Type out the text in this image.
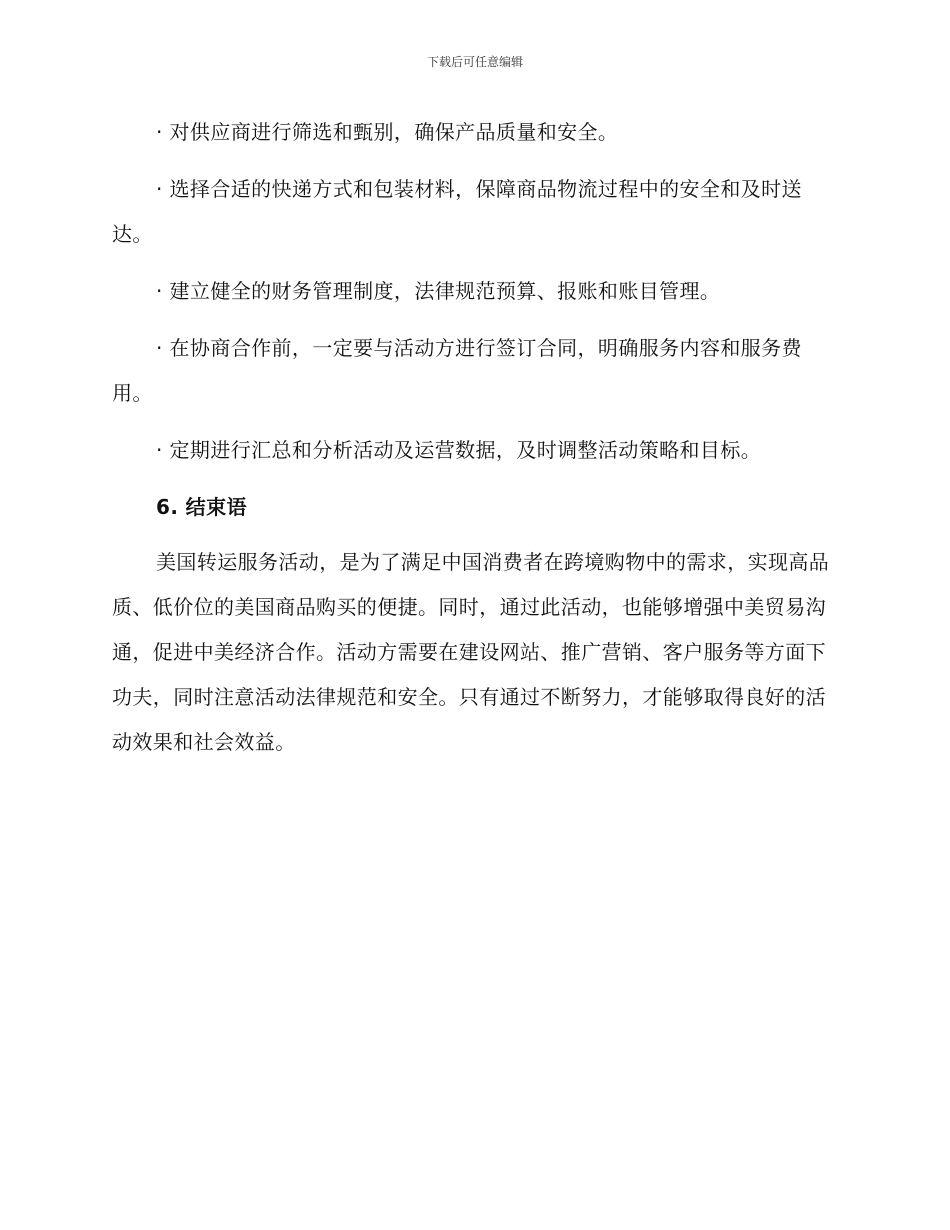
下载后可任意编辑

· 对供应商进行筛选和甄别，确保产品质量和安全。

· 选择合适的快递方式和包装材料，保障商品物流过程中的安全和及时送达。

· 建立健全的财务管理制度，法律规范预算、报账和账目管理。

· 在协商合作前，一定要与活动方进行签订合同，明确服务内容和服务费用。

· 定期进行汇总和分析活动及运营数据，及时调整活动策略和目标。

6. 结束语

美国转运服务活动，是为了满足中国消费者在跨境购物中的需求，实现高品质、低价位的美国商品购买的便捷。同时，通过此活动，也能够增强中美贸易沟通，促进中美经济合作。活动方需要在建设网站、推广营销、客户服务等方面下功夫，同时注意活动法律规范和安全。只有通过不断努力，才能够取得良好的活动效果和社会效益。
